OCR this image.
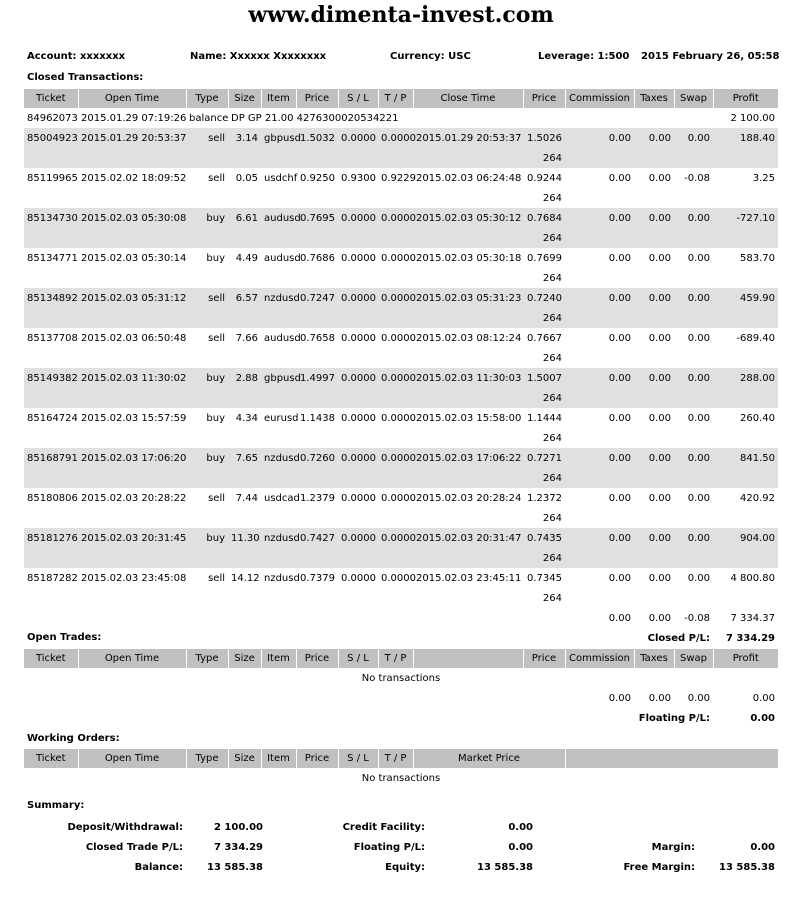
www.dimenta-invest.com
Account: xxxxxxx	Name: Xxxxxx Xxxxxxxx	Currency: USC	Leverage: 1:500 2015 February 26, 05:58
Closed Transactions:
Ticket	Open Time	Type	Size	Item	Price	S / L	T / P	Close Time	Price	Commission	Taxes	Swap	Profit
84962073	2015.01.29 07:19:26	balance	DP GP 21.00 4276300020534221										2 100.00
85004923	2015.01.29 20:53:37	sell	3.14	gbpusd	1.5032	0.0000	0.0000	2015.01.29 20:53:37	1.5026	0.00	0.00	0.00	188.40
									264				
85119965	2015.02.02 18:09:52	sell	0.05	usdchf	0.9250	0.9300	0.9229	2015.02.03 06:24:48	0.9244	0.00	0.00	-0.08	3.25
									264				
85134730	2015.02.03 05:30:08	buy	6.61	audusd	0.7695	0.0000	0.0000	2015.02.03 05:30:12	0.7684	0.00	0.00	0.00	-727.10
									264				
85134771	2015.02.03 05:30:14	buy	4.49	audusd	0.7686	0.0000	0.0000	2015.02.03 05:30:18	0.7699	0.00	0.00	0.00	583.70
									264				
85134892	2015.02.03 05:31:12	sell	6.57	nzdusd	0.7247	0.0000	0.0000	2015.02.03 05:31:23	0.7240	0.00	0.00	0.00	459.90
									264				
85137708	2015.02.03 06:50:48	sell	7.66	audusd	0.7658	0.0000	0.0000	2015.02.03 08:12:24	0.7667	0.00	0.00	0.00	-689.40
									264				
85149382	2015.02.03 11:30:02	buy	2.88	gbpusd	1.4997	0.0000	0.0000	2015.02.03 11:30:03	1.5007	0.00	0.00	0.00	288.00
									264				
85164724	2015.02.03 15:57:59	buy	4.34	eurusd	1.1438	0.0000	0.0000	2015.02.03 15:58:00	1.1444	0.00	0.00	0.00	260.40
									264				
85168791	2015.02.03 17:06:20	buy	7.65	nzdusd	0.7260	0.0000	0.0000	2015.02.03 17:06:22	0.7271	0.00	0.00	0.00	841.50
									264				
85180806	2015.02.03 20:28:22	sell	7.44	usdcad	1.2379	0.0000	0.0000	2015.02.03 20:28:24	1.2372	0.00	0.00	0.00	420.92
									264				
85181276	2015.02.03 20:31:45	buy	11.30	nzdusd	0.7427	0.0000	0.0000	2015.02.03 20:31:47	0.7435	0.00	0.00	0.00	904.00
									264				
85187282	2015.02.03 23:45:08	sell	14.12	nzdusd	0.7379	0.0000	0.0000	2015.02.03 23:45:11	0.7345	0.00	0.00	0.00	4 800.80
									264				
										0.00	0.00	-0.08	7 334.37
											Closed P/L:		7 334.29
Open Trades:
Ticket	Open Time	Type	Size	Item	Price	S / L	T / P		Price	Commission	Taxes	Swap	Profit
No transactions													
										0.00	0.00	0.00	0.00
											Floating P/L:		0.00
Working Orders:
Ticket	Open Time	Type	Size	Item	Price	S / L	T / P	Market Price	
No transactions
Summary:
Deposit/Withdrawal:	2 100.00	Credit Facility:	0.00		
Closed Trade P/L:	7 334.29	Floating P/L:	0.00	Margin:	0.00
Balance:	13 585.38	Equity:	13 585.38	Free Margin:	13 585.38
